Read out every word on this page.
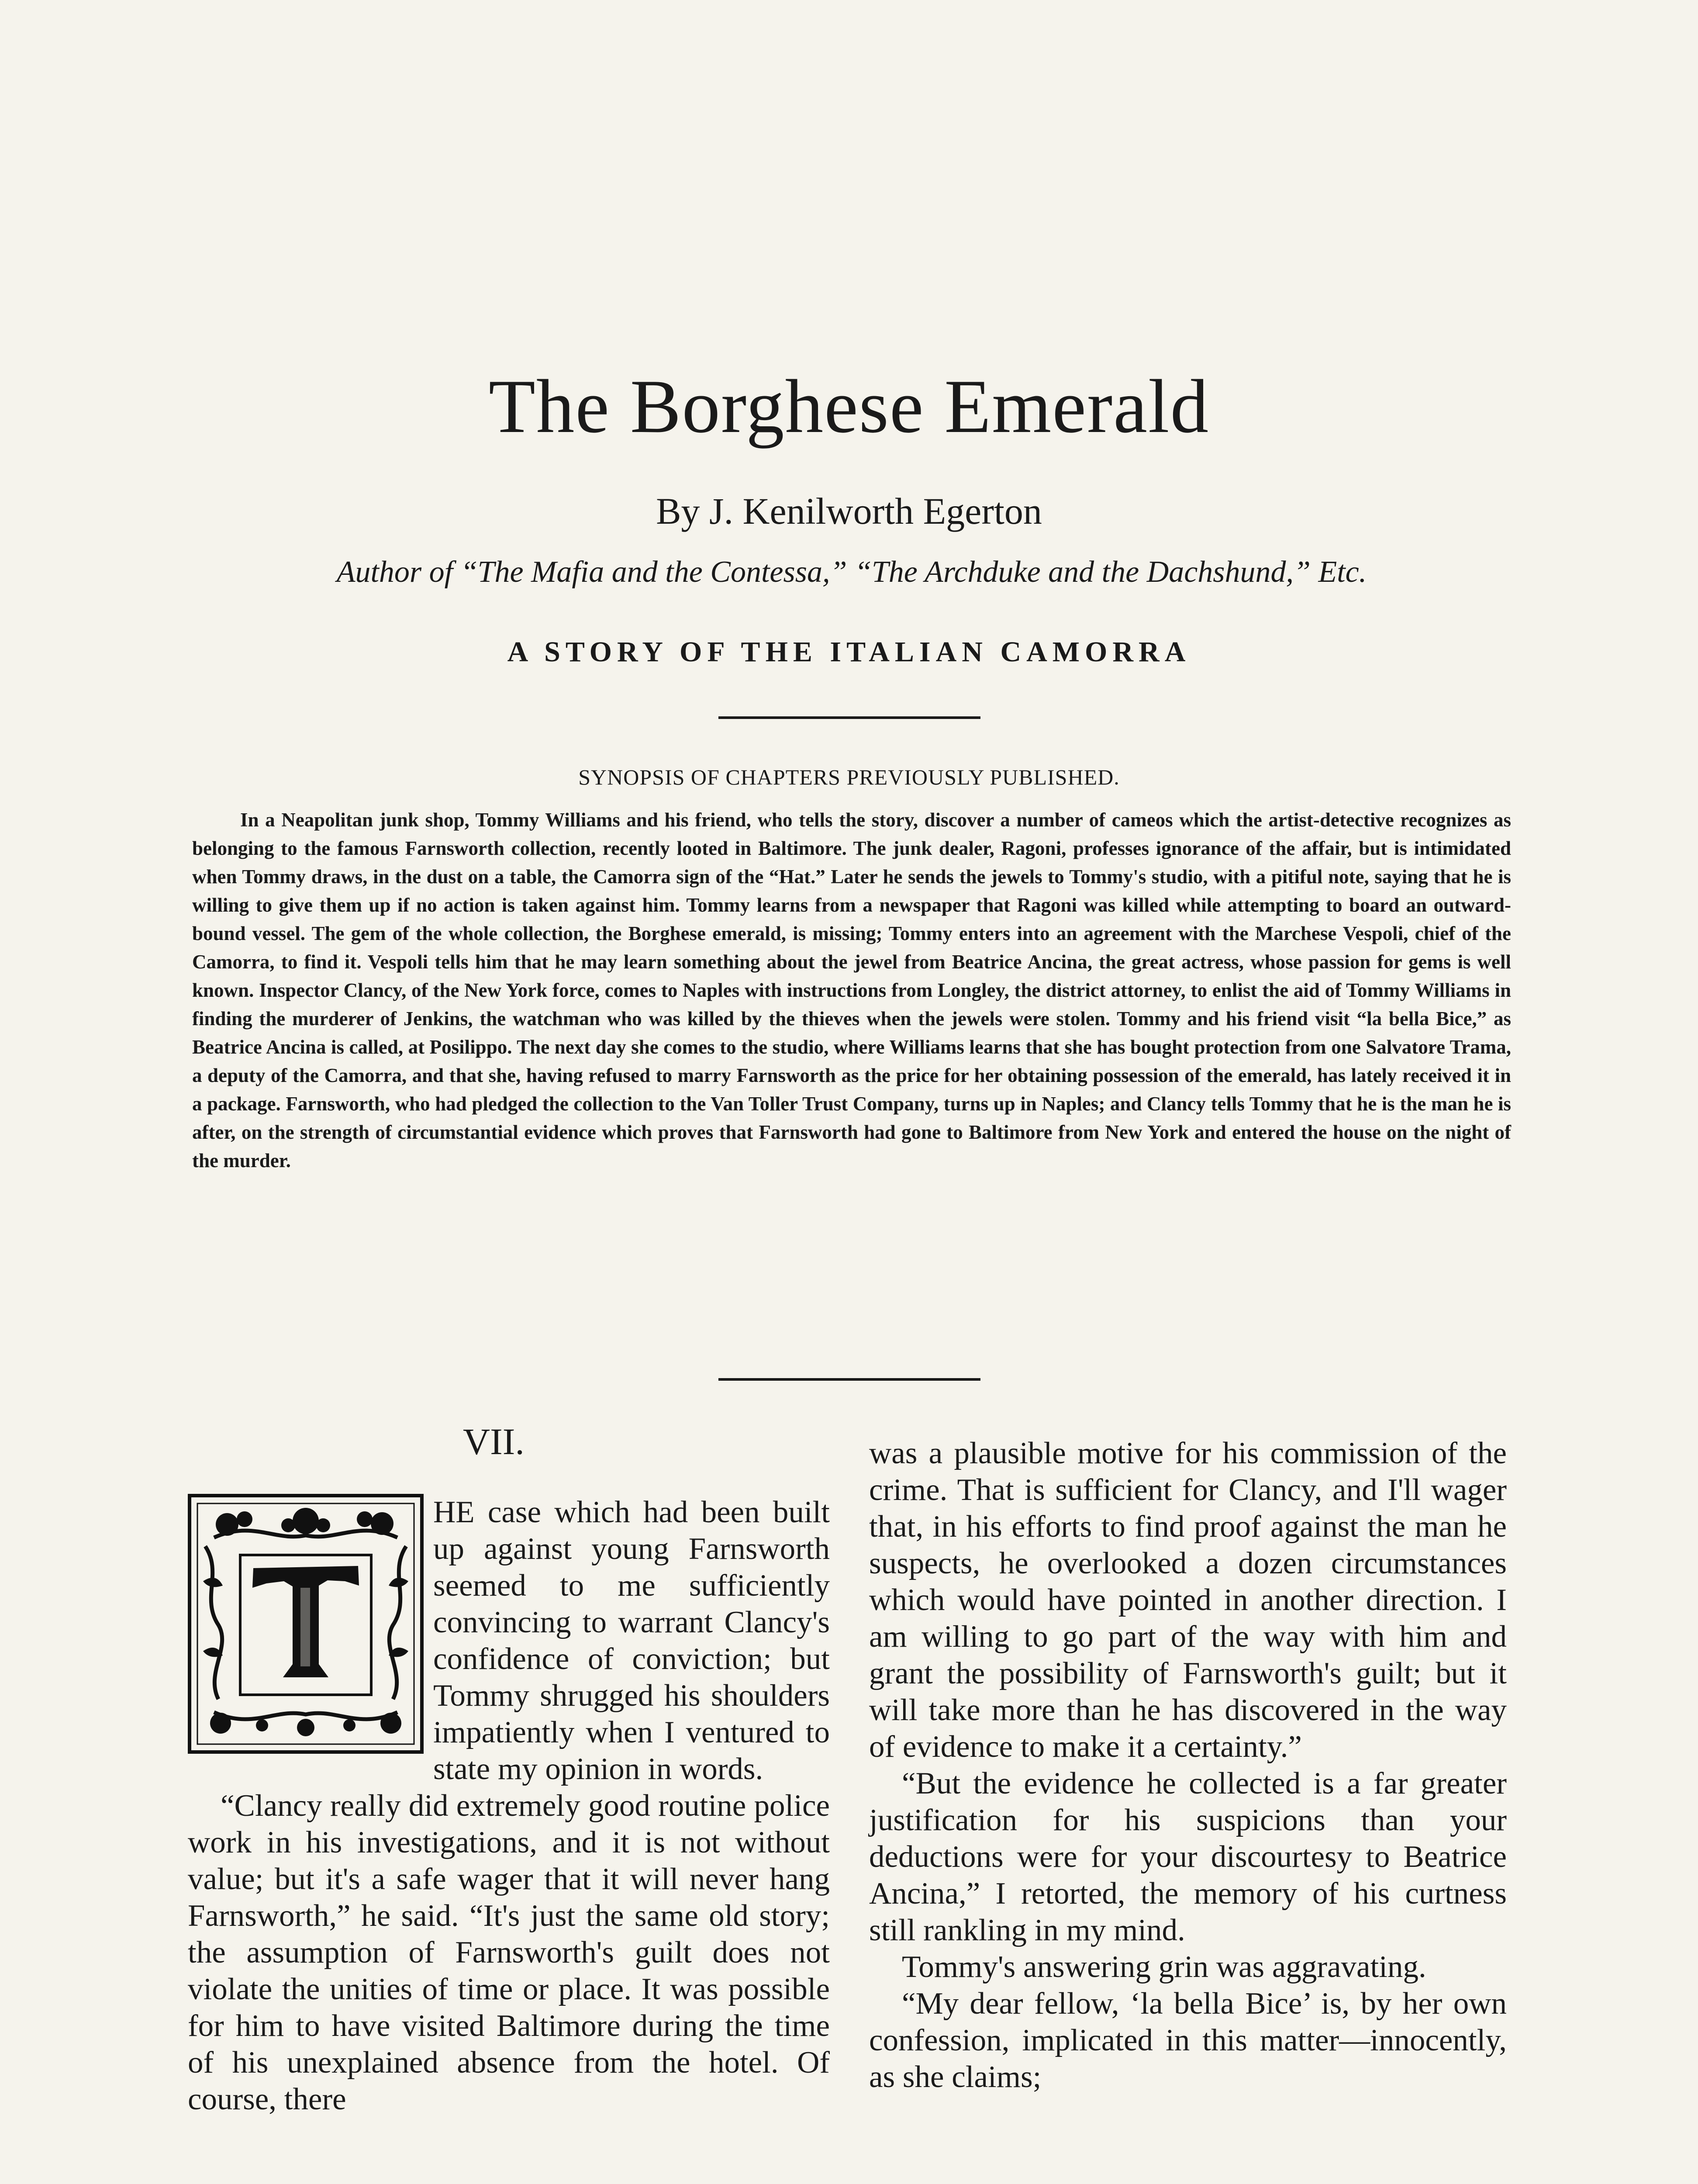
The Borghese Emerald
By J. Kenilworth Egerton
Author of “The Mafia and the Contessa,” “The Archduke and the Dachshund,” Etc.
A STORY OF THE ITALIAN CAMORRA
SYNOPSIS OF CHAPTERS PREVIOUSLY PUBLISHED.

In a Neapolitan junk shop, Tommy Williams and his friend, who tells the story, discover a number of cameos which the artist-detective recognizes as belonging to the famous Farnsworth collection, recently looted in Baltimore. The junk dealer, Ragoni, professes ignorance of the affair, but is intimidated when Tommy draws, in the dust on a table, the Camorra sign of the “Hat.” Later he sends the jewels to Tommy's studio, with a pitiful note, saying that he is willing to give them up if no action is taken against him. Tommy learns from a newspaper that Ragoni was killed while attempting to board an outward-bound vessel. The gem of the whole collection, the Borghese emerald, is missing; Tommy enters into an agreement with the Marchese Vespoli, chief of the Camorra, to find it. Vespoli tells him that he may learn something about the jewel from Beatrice Ancina, the great actress, whose passion for gems is well known. Inspector Clancy, of the New York force, comes to Naples with instructions from Longley, the district attorney, to enlist the aid of Tommy Williams in finding the murderer of Jenkins, the watchman who was killed by the thieves when the jewels were stolen. Tommy and his friend visit “la bella Bice,” as Beatrice Ancina is called, at Posilippo. The next day she comes to the studio, where Williams learns that she has bought protection from one Salvatore Trama, a deputy of the Camorra, and that she, having refused to marry Farnsworth as the price for her obtaining possession of the emerald, has lately received it in a package. Farnsworth, who had pledged the collection to the Van Toller Trust Company, turns up in Naples; and Clancy tells Tommy that he is the man he is after, on the strength of circumstantial evidence which proves that Farnsworth had gone to Baltimore from New York and entered the house on the night of the murder.

VII.

HE case which had been built up against young Farnsworth seemed to me sufficiently convincing to warrant Clancy's confidence of conviction; but Tommy shrugged his shoulders impatiently when I ventured to state my opinion in words.

“Clancy really did extremely good routine police work in his investigations, and it is not without value; but it's a safe wager that it will never hang Farnsworth,” he said. “It's just the same old story; the assumption of Farnsworth's guilt does not violate the unities of time or place. It was possible for him to have visited Baltimore during the time of his unexplained absence from the hotel. Of course, there

was a plausible motive for his commission of the crime. That is sufficient for Clancy, and I'll wager that, in his efforts to find proof against the man he suspects, he overlooked a dozen circumstances which would have pointed in another direction. I am willing to go part of the way with him and grant the possibility of Farnsworth's guilt; but it will take more than he has discovered in the way of evidence to make it a certainty.”

“But the evidence he collected is a far greater justification for his suspicions than your deductions were for your discourtesy to Beatrice Ancina,” I retorted, the memory of his curtness still rankling in my mind.

Tommy's answering grin was aggravating.

“My dear fellow, ‘la bella Bice’ is, by her own confession, implicated in this matter—innocently, as she claims;
